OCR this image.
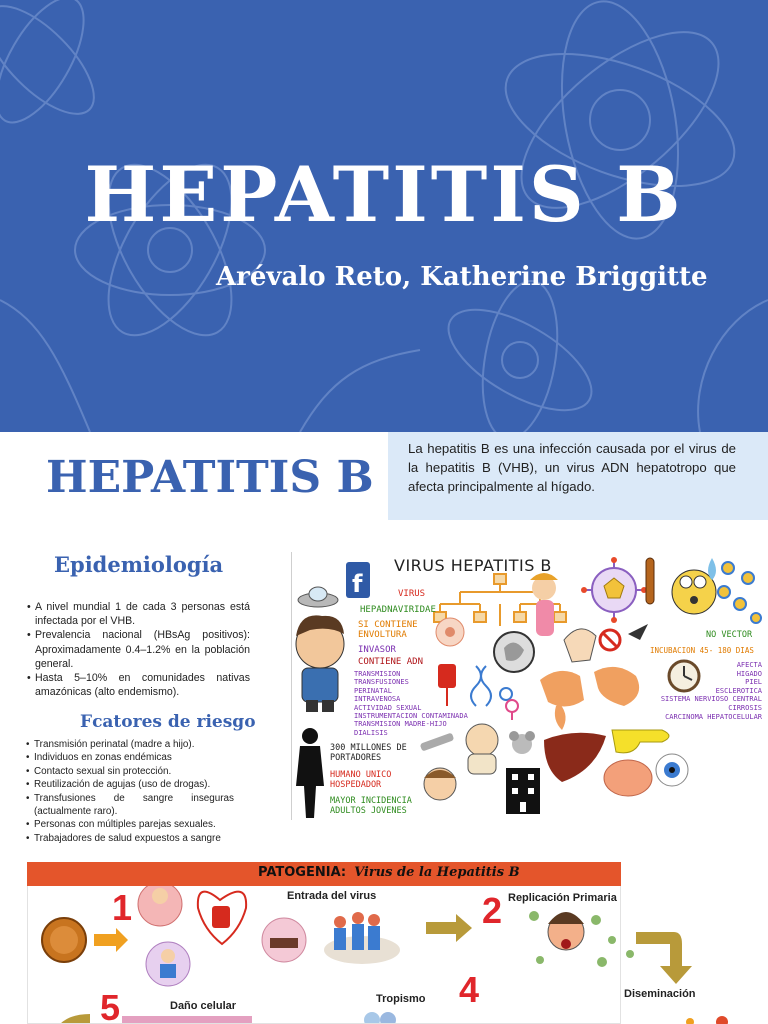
HEPATITIS B
Arévalo Reto, Katherine Briggitte
HEPATITIS B
La hepatitis B es una infección causada por el virus de la hepatitis B (VHB), un virus ADN hepatotropo que afecta principalmente al hígado.
Epidemiología
• A nivel mundial 1 de cada 3 personas está infectada por el VHB.
• Prevalencia nacional (HBsAg positivos): Aproximadamente 0.4–1.2% en la población general.
• Hasta 5–10% en comunidades nativas amazónicas (alto endemismo).
Fcatores de riesgo
• Transmisión perinatal (madre a hijo).
• Individuos en zonas endémicas
• Contacto sexual sin protección.
• Reutilización de agujas (uso de drogas).
• Transfusiones de sangre inseguras (actualmente raro).
• Personas con múltiples parejas sexuales.
• Trabajadores de salud expuestos a sangre
f
VIRUS HEPATITIS B
VIRUS
HEPADNAVIRIDAE
SI CONTIENE
ENVOLTURA
INVASOR
CONTIENE ADN
TRANSMISION
TRANSFUSIONES
PERINATAL
INTRAVENOSA
ACTIVIDAD SEXUAL
INSTRUMENTACION CONTAMINADA
TRANSMISION MADRE-HIJO
DIALISIS
300 MILLONES DE
PORTADORES
HUMANO UNICO
HOSPEDADOR
MAYOR INCIDENCIA
ADULTOS JOVENES
NO VECTOR
INCUBACION 45- 180 DIAS
AFECTA
HIGADO
PIEL
ESCLEROTICA
SISTEMA NERVIOSO CENTRAL
CIRROSIS
CARCINOMA HEPATOCELULAR
PATOGENIA: Virus de la Hepatitis B
1	Entrada del virus	2 Replicación Primaria
5	Daño celular
Tropismo 4	Diseminación
